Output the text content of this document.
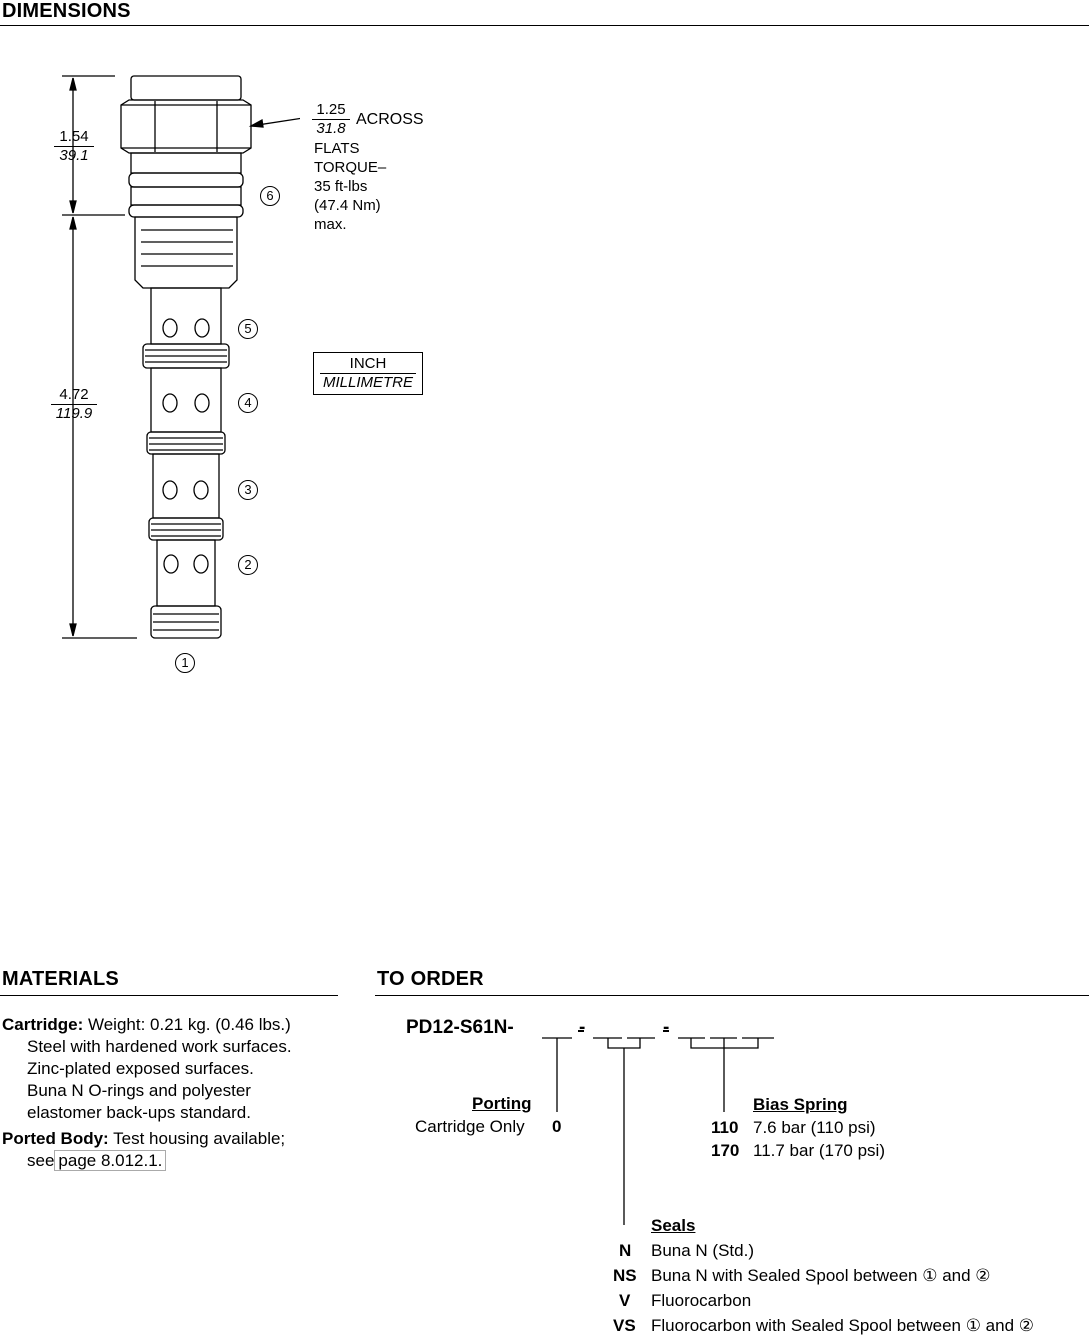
DIMENSIONS
$\frac{1.54}{39.1}$
$\frac{4.72}{119.9}$
$\frac{1.25}{31.8}$ ACROSS
FLATS
TORQUE–
35 ft-lbs
(47.4 Nm)
max.
6
5
4
3
2
1
INCH
MILLIMETRE
MATERIALS
Cartridge: Weight: 0.21 kg. (0.46 lbs.)
Steel with hardened work surfaces.
Zinc-plated exposed surfaces.
Buna N O-rings and polyester
elastomer back-ups standard.
Ported Body: Test housing available;
see page 8.012.1.
TO ORDER
PD12-S61N-	-	-
Porting
Cartridge Only 0
Bias Spring
110 7.6 bar (110 psi)
170 11.7 bar (170 psi)
Seals
N Buna N (Std.)
NS Buna N with Sealed Spool between ① and ②
V Fluorocarbon
VS Fluorocarbon with Sealed Spool between ① and ②
